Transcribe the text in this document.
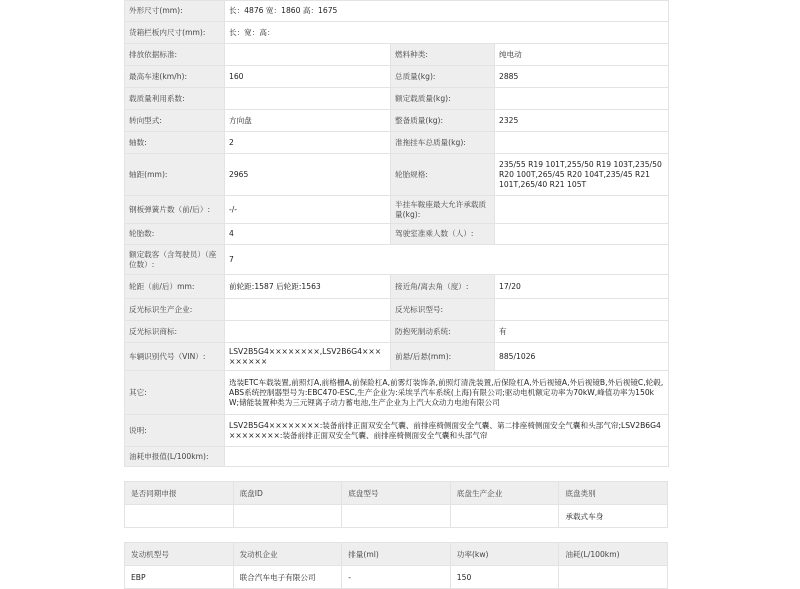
外形尺寸(mm):	长：4876 宽：1860 高：1675		
货箱栏板内尺寸(mm):	长：宽：高：		
排放依据标准:		燃料种类:	纯电动
最高车速(km/h):	160	总质量(kg):	2885
载质量利用系数:		额定载质量(kg):	
转向型式:	方向盘	整备质量(kg):	2325
轴数:	2	准拖挂车总质量(kg):	
轴距(mm):	2965	轮胎规格:	235/55 R19 101T,255/50 R19 103T,235/50 R20 100T,265/45 R20 104T,235/45 R21 101T,265/40 R21 105T
钢板弹簧片数（前/后）:	-/-	半挂车鞍座最大允许承载质量(kg):	
轮胎数:	4	驾驶室准乘人数（人）:	
额定载客（含驾驶员）（座位数）:	7		
轮距（前/后）mm:	前轮距:1587 后轮距:1563	接近角/离去角（度）:	17/20
反光标识生产企业:		反光标识型号:	
反光标识商标:		防抱死制动系统:	有
车辆识别代号（VIN）:	LSV2B5G4××××××××,LSV2B6G4×××××××××	前悬/后悬(mm):	885/1026
其它:	选装ETC车载装置,前照灯A,前格栅A,前保险杠A,前雾灯装饰条,前照灯清洗装置,后保险杠A,外后视镜A,外后视镜B,外后视镜C,轮毂,ABS系统控制器型号为:EBC470-ESC,生产企业为:采埃孚汽车系统(上海)有限公司;驱动电机额定功率为70kW,峰值功率为150kW;储能装置种类为三元锂离子动力蓄电池,生产企业为上汽大众动力电池有限公司		
说明:	LSV2B5G4××××××××:装备前排正面双安全气囊、前排座椅侧面安全气囊、第二排座椅侧面安全气囊和头部气帘;LSV2B6G4××××××××:装备前排正面双安全气囊、前排座椅侧面安全气囊和头部气帘		
油耗申报值(L/100km):			
是否同期申报	底盘ID	底盘型号	底盘生产企业	底盘类别
				承载式车身
发动机型号	发动机企业	排量(ml)	功率(kw)	油耗(L/100km)
EBP	联合汽车电子有限公司	-	150	
